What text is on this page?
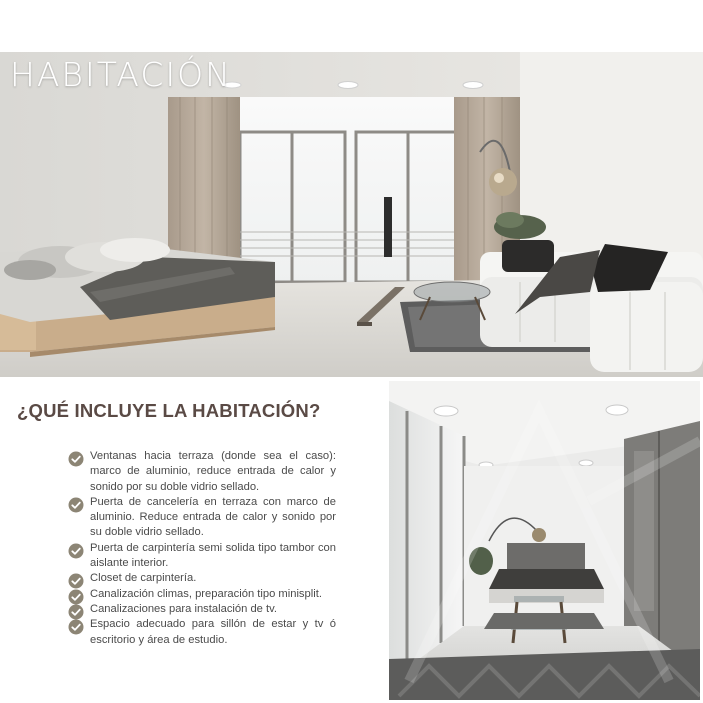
HABITACIÓN
¿QUÉ INCLUYE LA HABITACIÓN?
Ventanas hacia terraza (donde sea el caso): marco de aluminio, reduce entrada de calor y sonido por su doble vidrio sellado.
Puerta de cancelería en terraza con marco de aluminio. Reduce entrada de calor y sonido por su doble vidrio sellado.
Puerta de carpintería semi solida tipo tambor con aislante interior.
Closet de carpintería.
Canalización climas, preparación tipo minisplit.
Canalizaciones para instalación de tv.
Espacio adecuado para sillón de estar y tv ó escritorio y área de estudio.
